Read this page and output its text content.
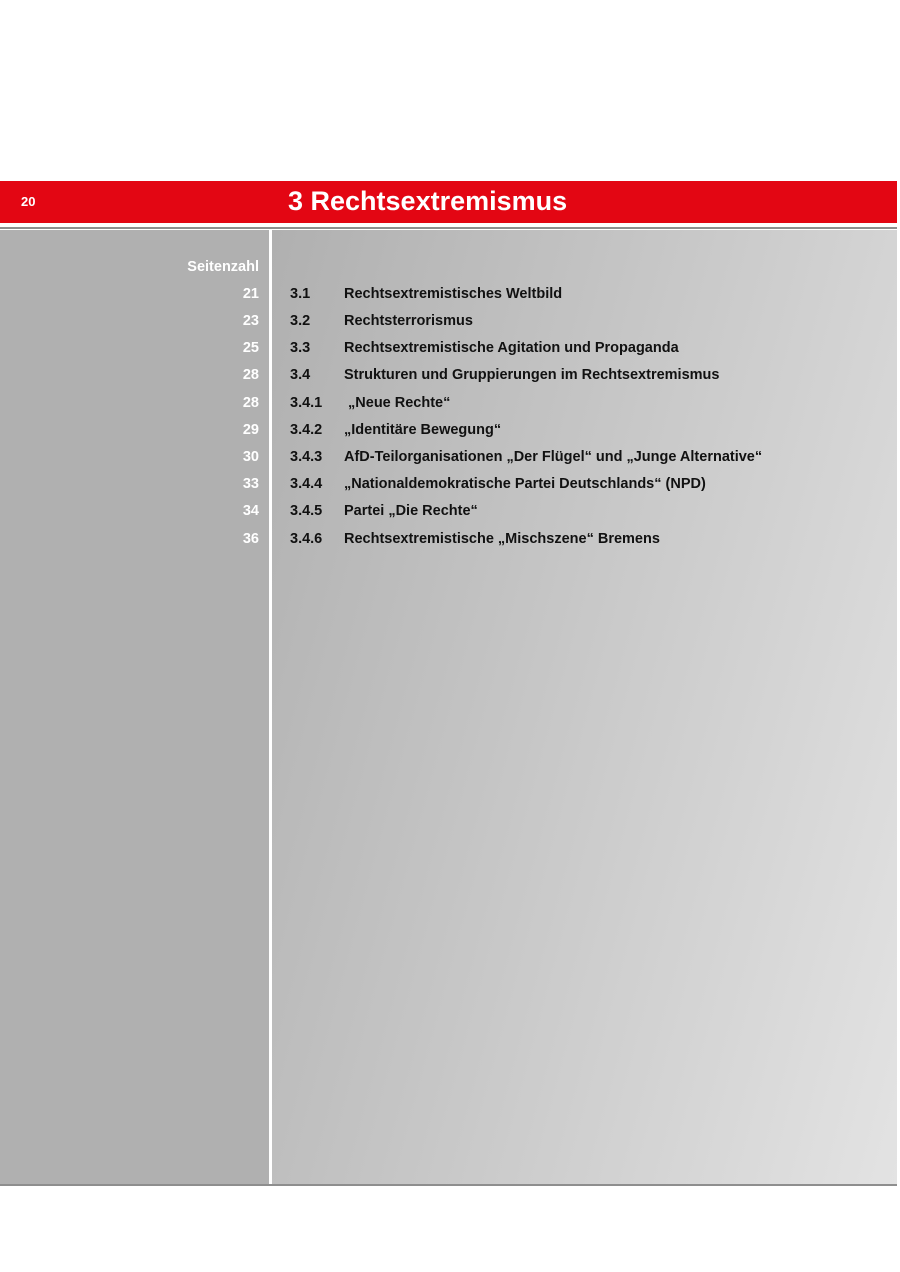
20	3 Rechtsextremismus
Seitenzahl
21 3.1 Rechtsextremistisches Weltbild
23 3.2 Rechtsterrorismus
25 3.3 Rechtsextremistische Agitation und Propaganda
28 3.4 Strukturen und Gruppierungen im Rechtsextremismus
28 3.4.1 „Neue Rechte“
29 3.4.2 „Identitäre Bewegung“
30 3.4.3 AfD-Teilorganisationen „Der Flügel“ und „Junge Alternative“
33 3.4.4 „Nationaldemokratische Partei Deutschlands“ (NPD)
34 3.4.5 Partei „Die Rechte“
36 3.4.6 Rechtsextremistische „Mischszene“ Bremens
